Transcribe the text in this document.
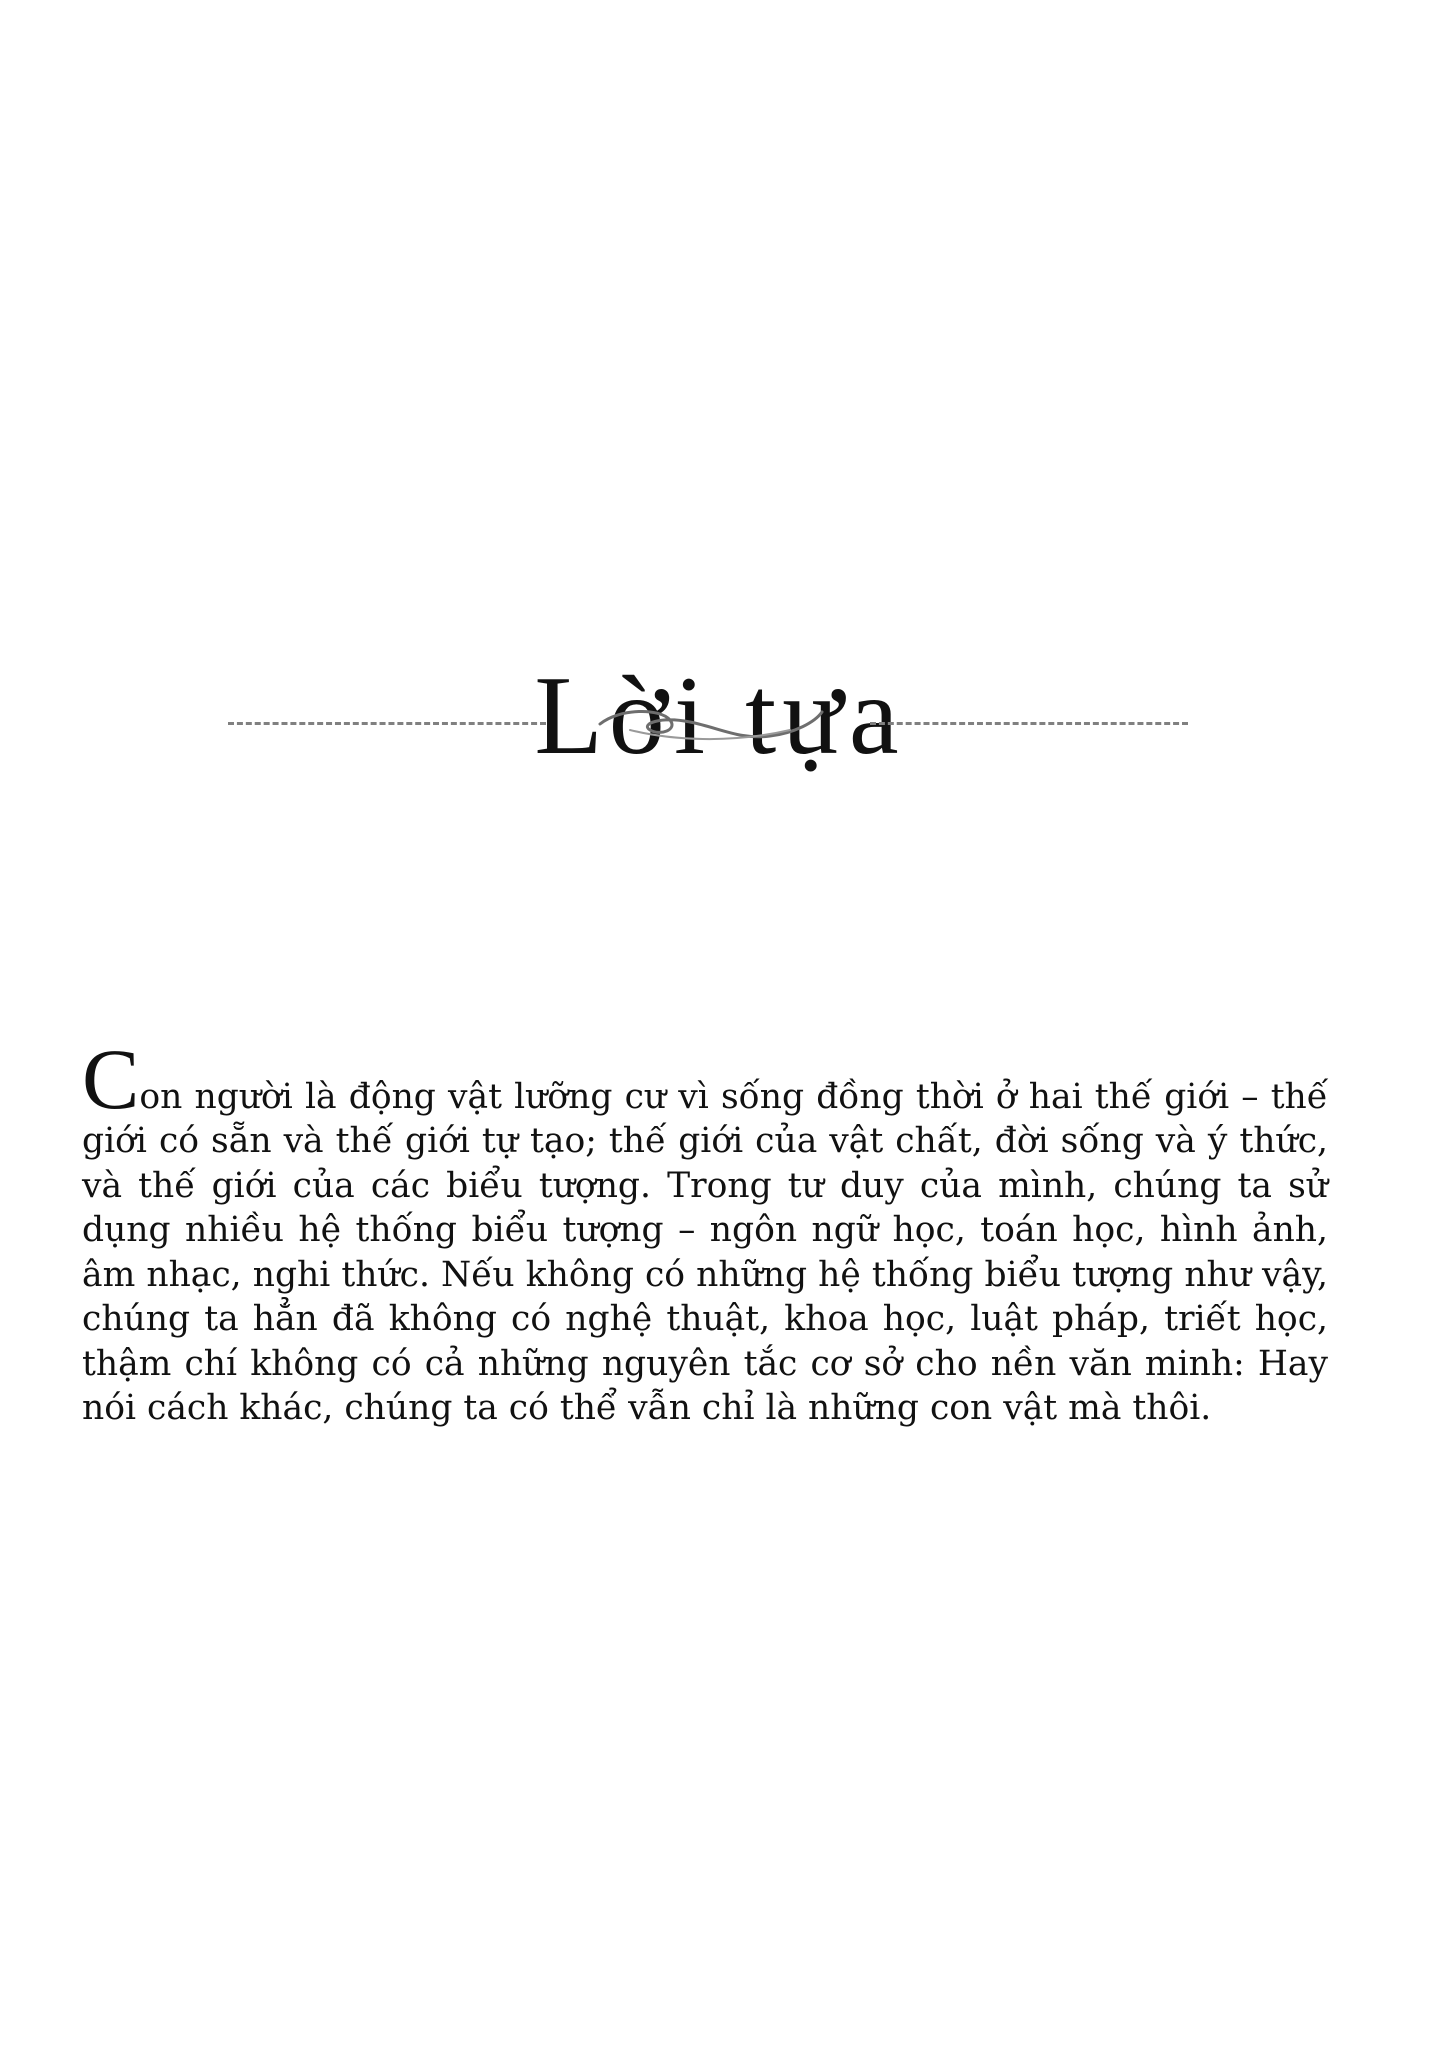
Lời tựa

Con người là động vật lưỡng cư vì sống đồng thời ở hai thế giới – thế giới có sẵn và thế giới tự tạo; thế giới của vật chất, đời sống và ý thức, và thế giới của các biểu tượng. Trong tư duy của mình, chúng ta sử dụng nhiều hệ thống biểu tượng – ngôn ngữ học, toán học, hình ảnh, âm nhạc, nghi thức. Nếu không có những hệ thống biểu tượng như vậy, chúng ta hẳn đã không có nghệ thuật, khoa học, luật pháp, triết học, thậm chí không có cả những nguyên tắc cơ sở cho nền văn minh: Hay nói cách khác, chúng ta có thể vẫn chỉ là những con vật mà thôi.
